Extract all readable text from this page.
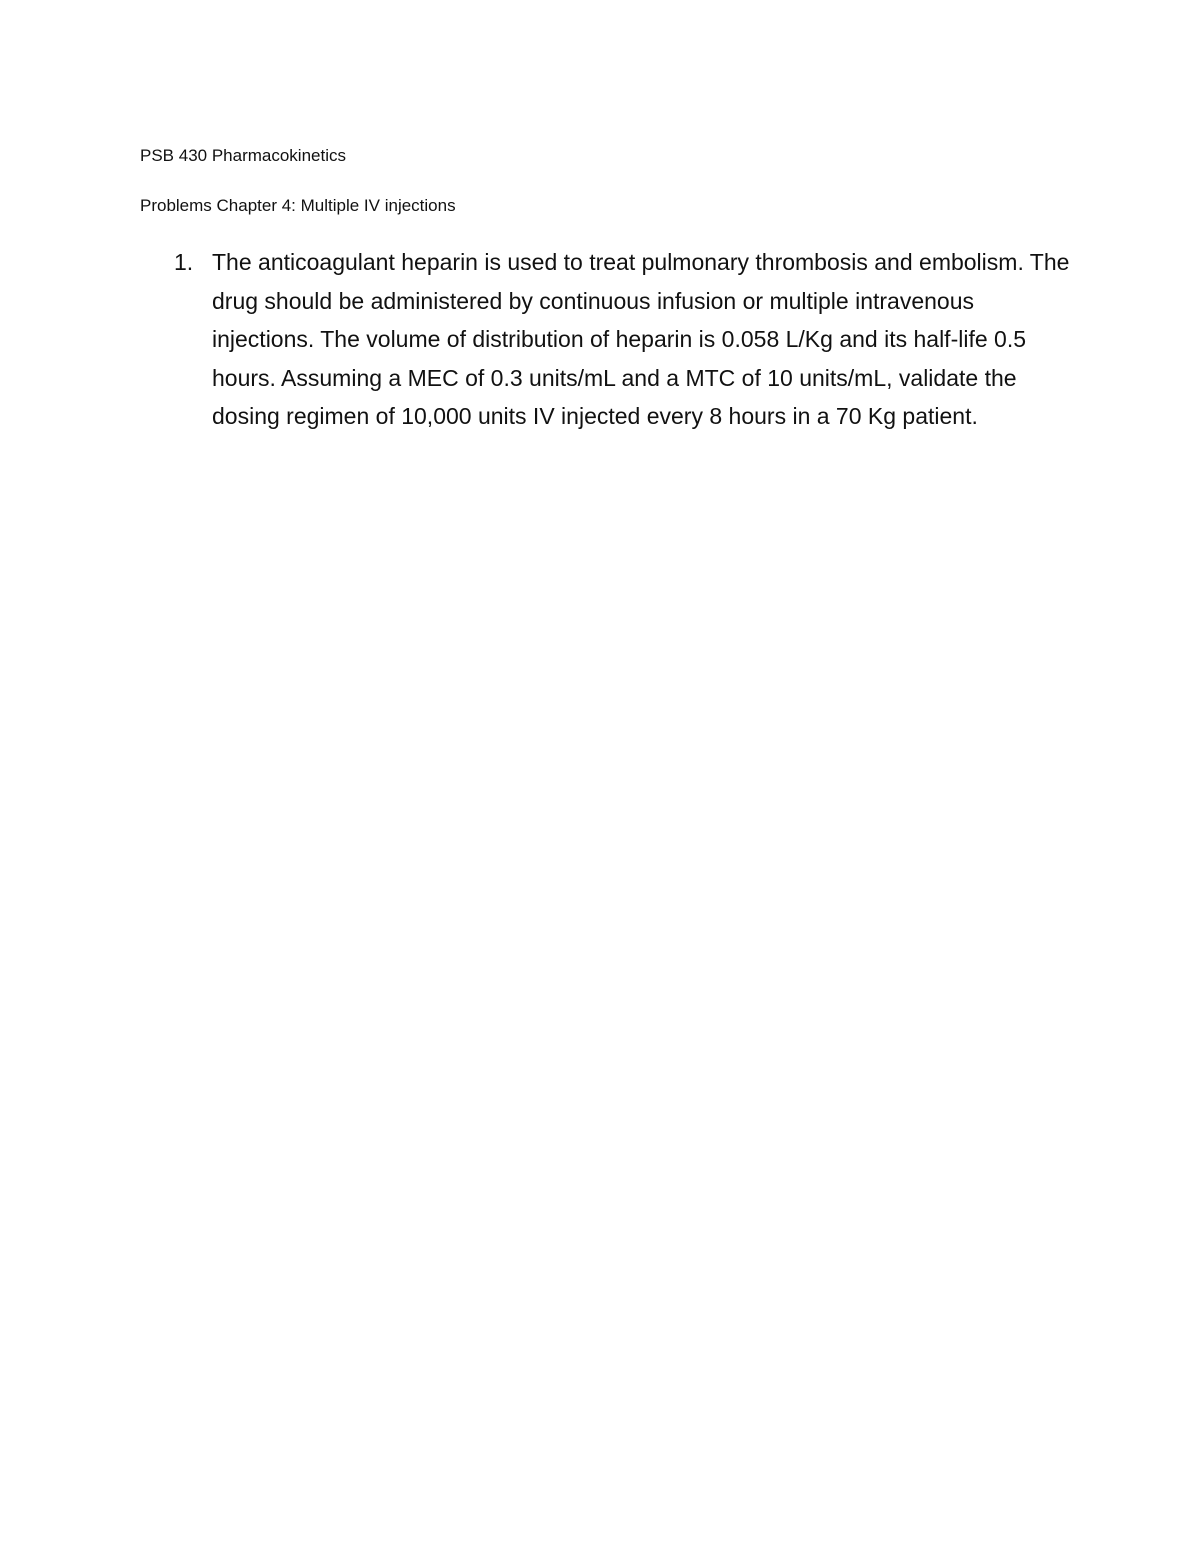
PSB 430 Pharmacokinetics
Problems Chapter 4: Multiple IV injections
1. The anticoagulant heparin is used to treat pulmonary thrombosis and embolism. The drug should be administered by continuous infusion or multiple intravenous injections. The volume of distribution of heparin is 0.058 L/Kg and its half-life 0.5 hours. Assuming a MEC of 0.3 units/mL and a MTC of 10 units/mL, validate the dosing regimen of 10,000 units IV injected every 8 hours in a 70 Kg patient.
